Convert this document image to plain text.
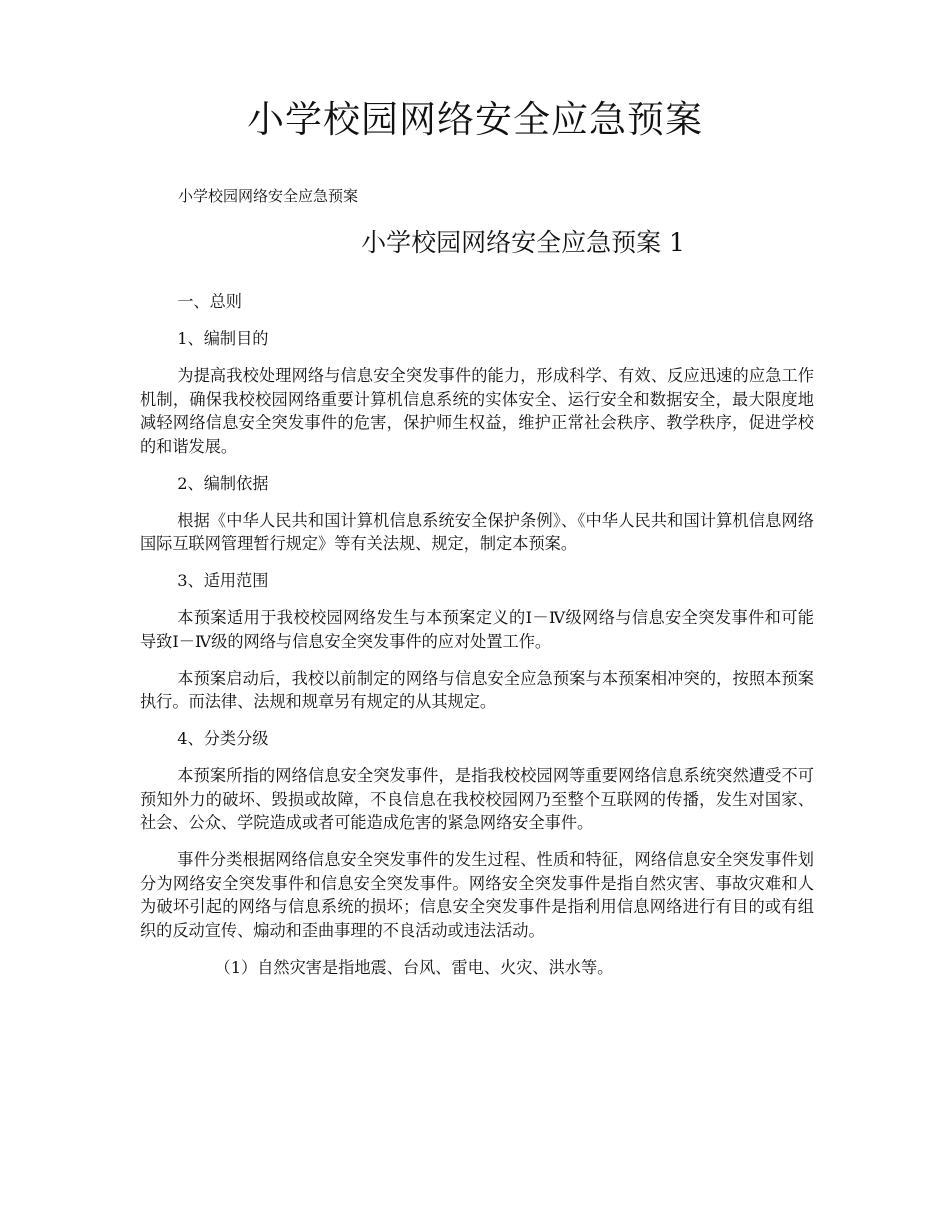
小学校园网络安全应急预案
小学校园网络安全应急预案
小学校园网络安全应急预案 1

一、总则

1、编制目的

为提高我校处理网络与信息安全突发事件的能力，形成科学、有效、反应迅速的应急工作机制，确保我校校园网络重要计算机信息系统的实体安全、运行安全和数据安全，最大限度地减轻网络信息安全突发事件的危害，保护师生权益，维护正常社会秩序、教学秩序，促进学校的和谐发展。

2、编制依据

根据《中华人民共和国计算机信息系统安全保护条例》、《中华人民共和国计算机信息网络国际互联网管理暂行规定》等有关法规、规定，制定本预案。

3、适用范围

本预案适用于我校校园网络发生与本预案定义的Ⅰ－Ⅳ级网络与信息安全突发事件和可能导致Ⅰ－Ⅳ级的网络与信息安全突发事件的应对处置工作。

本预案启动后，我校以前制定的网络与信息安全应急预案与本预案相冲突的，按照本预案执行。而法律、法规和规章另有规定的从其规定。

4、分类分级

本预案所指的网络信息安全突发事件，是指我校校园网等重要网络信息系统突然遭受不可预知外力的破坏、毁损或故障，不良信息在我校校园网乃至整个互联网的传播，发生对国家、社会、公众、学院造成或者可能造成危害的紧急网络安全事件。

事件分类根据网络信息安全突发事件的发生过程、性质和特征，网络信息安全突发事件划分为网络安全突发事件和信息安全突发事件。网络安全突发事件是指自然灾害、事故灾难和人为破坏引起的网络与信息系统的损坏；信息安全突发事件是指利用信息网络进行有目的或有组织的反动宣传、煽动和歪曲事理的不良活动或违法活动。

（1）自然灾害是指地震、台风、雷电、火灾、洪水等。
